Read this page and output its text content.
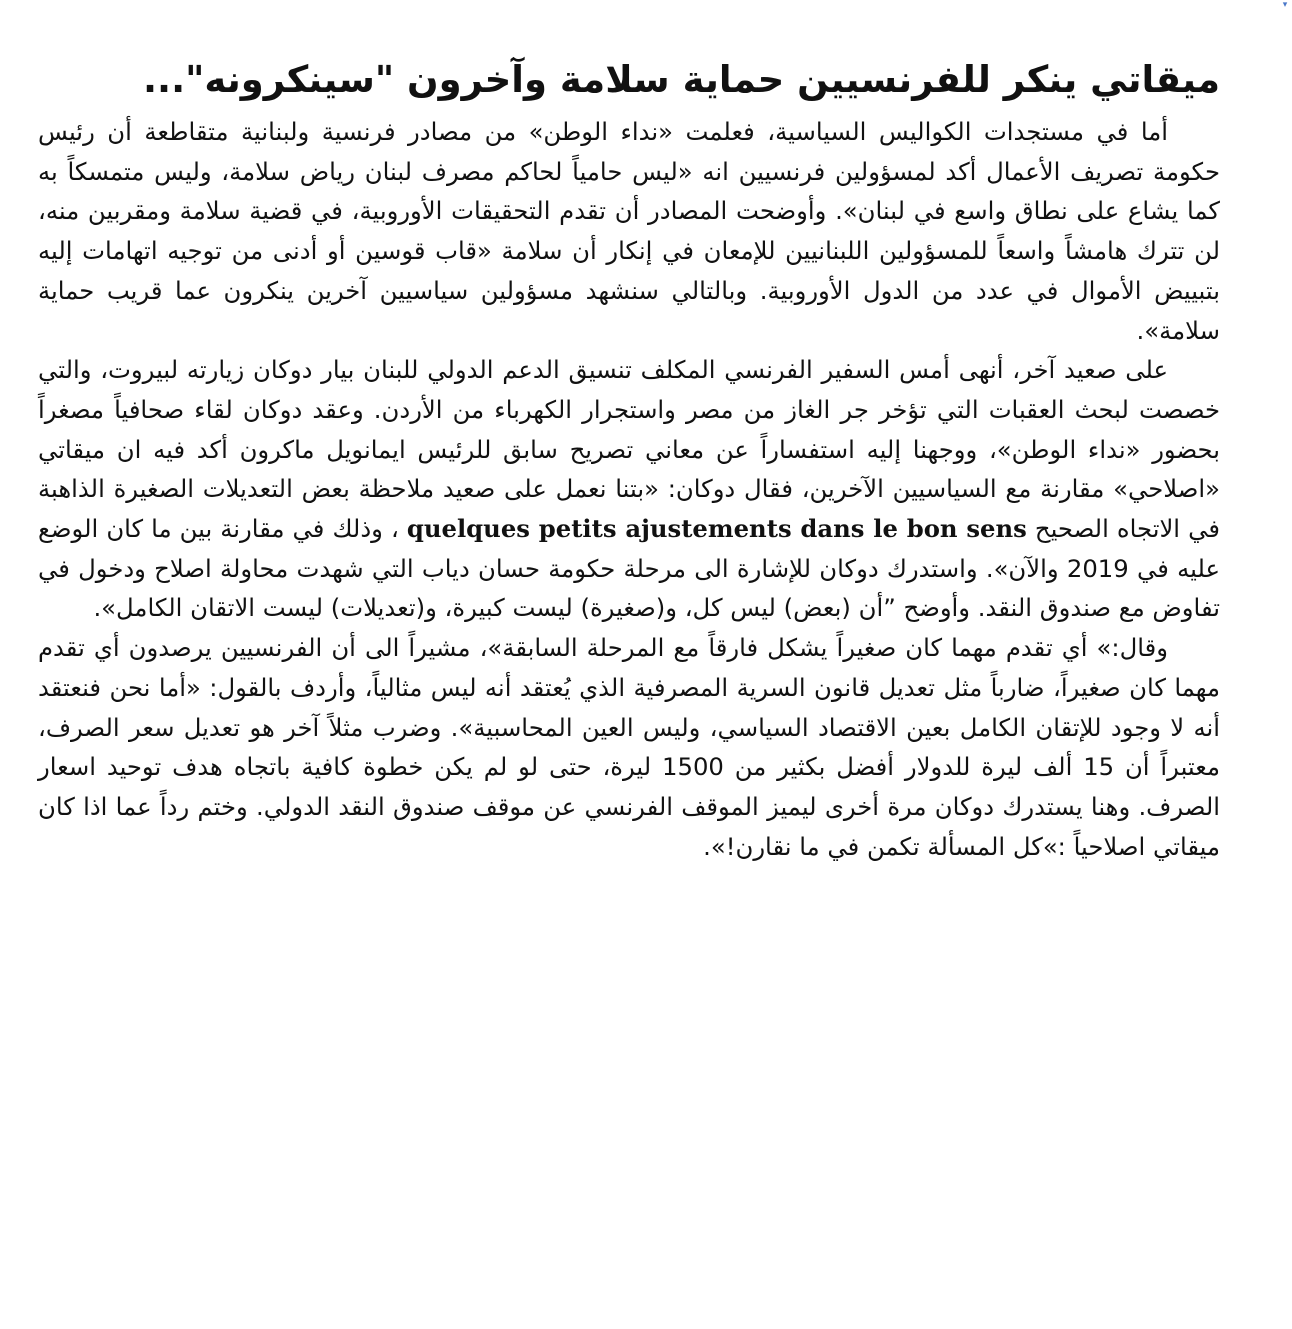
▾
ميقاتي ينكر للفرنسيين حماية سلامة وآخرون "سينكرونه"...

أما في مستجدات الكواليس السياسية، فعلمت «نداء الوطن» من مصادر فرنسية ولبنانية متقاطعة أن رئيس حكومة تصريف الأعمال أكد لمسؤولين فرنسيين انه «ليس حامياً لحاكم مصرف لبنان رياض سلامة، وليس متمسكاً به كما يشاع على نطاق واسع في لبنان». وأوضحت المصادر أن تقدم التحقيقات الأوروبية، في قضية سلامة ومقربين منه، لن تترك هامشاً واسعاً للمسؤولين اللبنانيين للإمعان في إنكار أن سلامة «قاب قوسين أو أدنى من توجيه اتهامات إليه بتبييض الأموال في عدد من الدول الأوروبية. وبالتالي سنشهد مسؤولين سياسيين آخرين ينكرون عما قريب حماية سلامة».

على صعيد آخر، أنهى أمس السفير الفرنسي المكلف تنسيق الدعم الدولي للبنان بيار دوكان زيارته لبيروت، والتي خصصت لبحث العقبات التي تؤخر جر الغاز من مصر واستجرار الكهرباء من الأردن. وعقد دوكان لقاء صحافياً مصغراً بحضور «نداء الوطن»، ووجهنا إليه استفساراً عن معاني تصريح سابق للرئيس ايمانويل ماكرون أكد فيه ان ميقاتي «اصلاحي» مقارنة مع السياسيين الآخرين، فقال دوكان: «بتنا نعمل على صعيد ملاحظة بعض التعديلات الصغيرة الذاهبة في الاتجاه الصحيح quelques petits ajustements dans le bon sens ، وذلك في مقارنة بين ما كان الوضع عليه في 2019 والآن». واستدرك دوكان للإشارة الى مرحلة حكومة حسان دياب التي شهدت محاولة اصلاح ودخول في تفاوض مع صندوق النقد. وأوضح ”أن (بعض) ليس كل، و(صغيرة) ليست كبيرة، و(تعديلات) ليست الاتقان الكامل».

وقال:» أي تقدم مهما كان صغيراً يشكل فارقاً مع المرحلة السابقة»، مشيراً الى أن الفرنسيين يرصدون أي تقدم مهما كان صغيراً، ضارباً مثل تعديل قانون السرية المصرفية الذي يُعتقد أنه ليس مثالياً، وأردف بالقول: «أما نحن فنعتقد أنه لا وجود للإتقان الكامل بعين الاقتصاد السياسي، وليس العين المحاسبية». وضرب مثلاً آخر هو تعديل سعر الصرف، معتبراً أن 15 ألف ليرة للدولار أفضل بكثير من 1500 ليرة، حتى لو لم يكن خطوة كافية باتجاه هدف توحيد اسعار الصرف. وهنا يستدرك دوكان مرة أخرى ليميز الموقف الفرنسي عن موقف صندوق النقد الدولي. وختم رداً عما اذا كان ميقاتي اصلاحياً :»كل المسألة تكمن في ما نقارن!».
